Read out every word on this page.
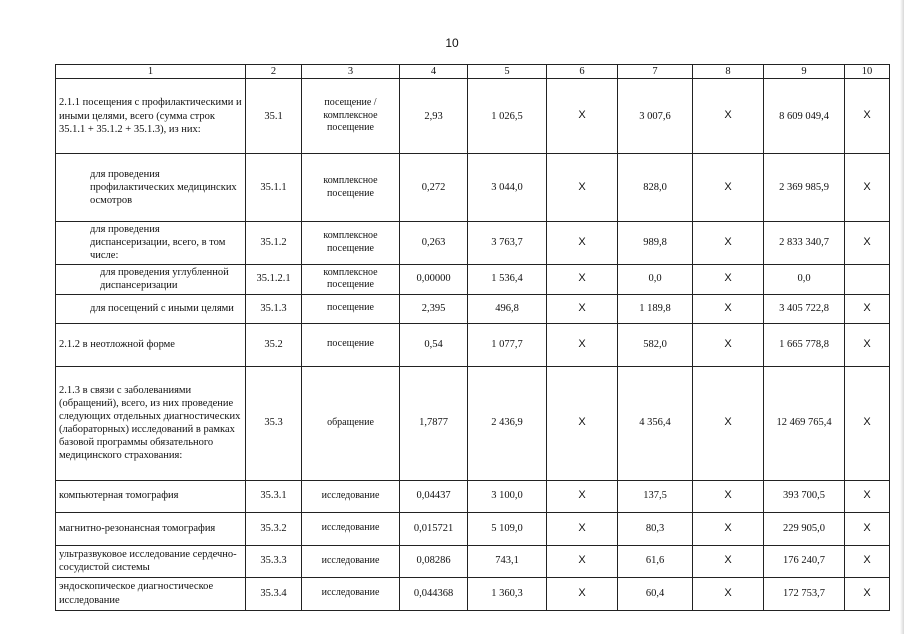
10
1	2	3	4	5	6	7	8	9	10
2.1.1 посещения с профилактическими и иными целями, всего (сумма строк 35.1.1 + 35.1.2 + 35.1.3), из них:	35.1	посещение / комплексное посещение	2,93	1 026,5	X	3 007,6	X	8 609 049,4	X
для проведения профилактических медицинских осмотров	35.1.1	комплексное посещение	0,272	3 044,0	X	828,0	X	2 369 985,9	X
для проведения диспансеризации, всего, в том числе:	35.1.2	комплексное посещение	0,263	3 763,7	X	989,8	X	2 833 340,7	X
для проведения углубленной диспансеризации	35.1.2.1	комплексное посещение	0,00000	1 536,4	X	0,0	X	0,0	
для посещений с иными целями	35.1.3	посещение	2,395	496,8	X	1 189,8	X	3 405 722,8	X
2.1.2 в неотложной форме	35.2	посещение	0,54	1 077,7	X	582,0	X	1 665 778,8	X
2.1.3 в связи с заболеваниями (обращений), всего, из них проведение следующих отдельных диагностических (лабораторных) исследований в рамках базовой программы обязательного медицинского страхования:	35.3	обращение	1,7877	2 436,9	X	4 356,4	X	12 469 765,4	X
компьютерная томография	35.3.1	исследование	0,04437	3 100,0	X	137,5	X	393 700,5	X
магнитно-резонансная томография	35.3.2	исследование	0,015721	5 109,0	X	80,3	X	229 905,0	X
ультразвуковое исследование сердечно-сосудистой системы	35.3.3	исследование	0,08286	743,1	X	61,6	X	176 240,7	X
эндоскопическое диагностическое исследование	35.3.4	исследование	0,044368	1 360,3	X	60,4	X	172 753,7	X
